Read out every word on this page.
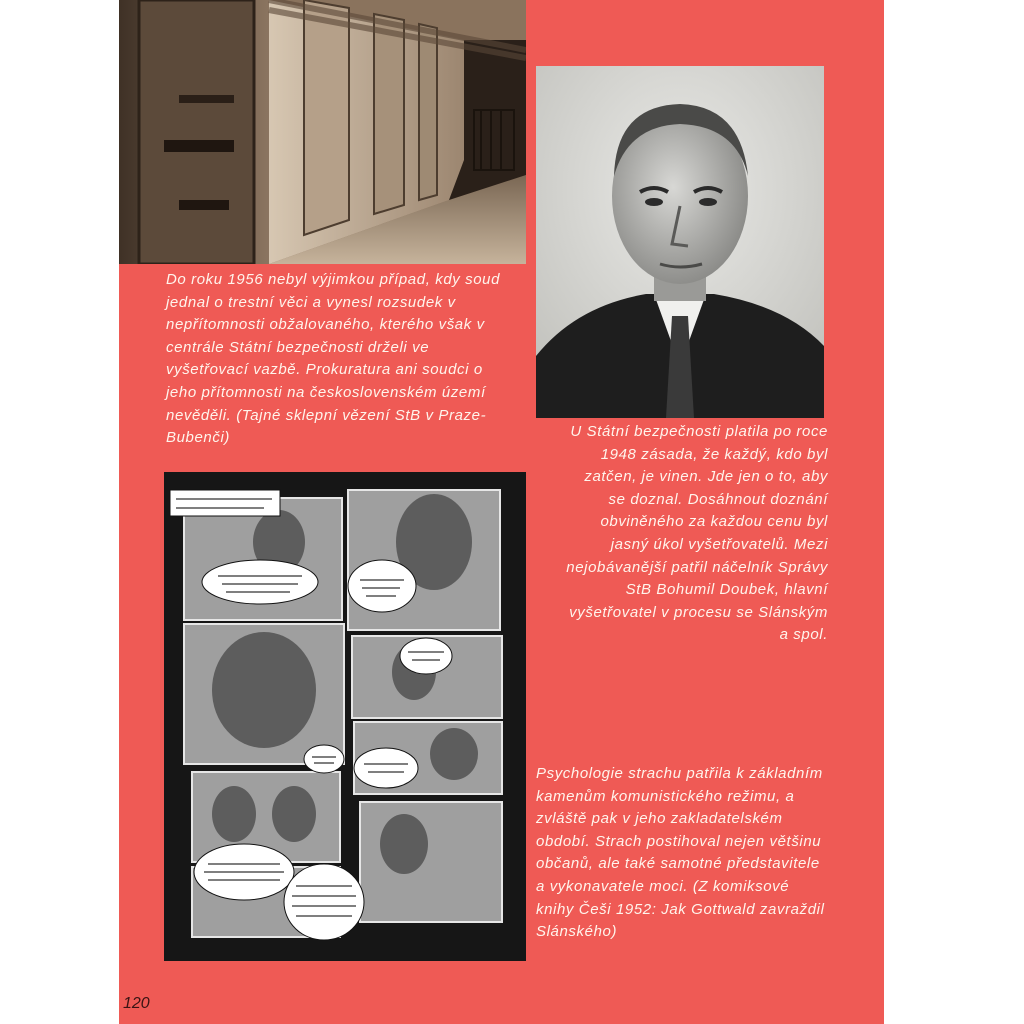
Do roku 1956 nebyl výjimkou případ, kdy soud jednal o trestní věci a vynesl rozsudek v nepřítomnosti obžalovaného, kterého však v centrále Státní bezpečnosti drželi ve vyšetřovací vazbě. Prokuratura ani soudci o jeho přítomnosti na československém území nevěděli. (Tajné sklepní vězení StB v Praze-Bubenči)	U Státní bezpečnosti platila po roce 1948 zásada, že každý, kdo byl zatčen, je vinen. Jde jen o to, aby se doznal. Dosáhnout doznání obviněného za každou cenu byl jasný úkol vyšetřovatelů. Mezi nejobávanější patřil náčelník Správy StB Bohumil Doubek, hlavní vyšetřovatel v procesu se Slánským a spol.

Psychologie strachu patřila k základním kamenům komunistického režimu, a zvláště pak v jeho zakladatelském období. Strach postihoval nejen většinu občanů, ale také samotné představitele a vykonavatele moci. (Z komiksové knihy Češi 1952: Jak Gottwald zavraždil Slánského)

120
